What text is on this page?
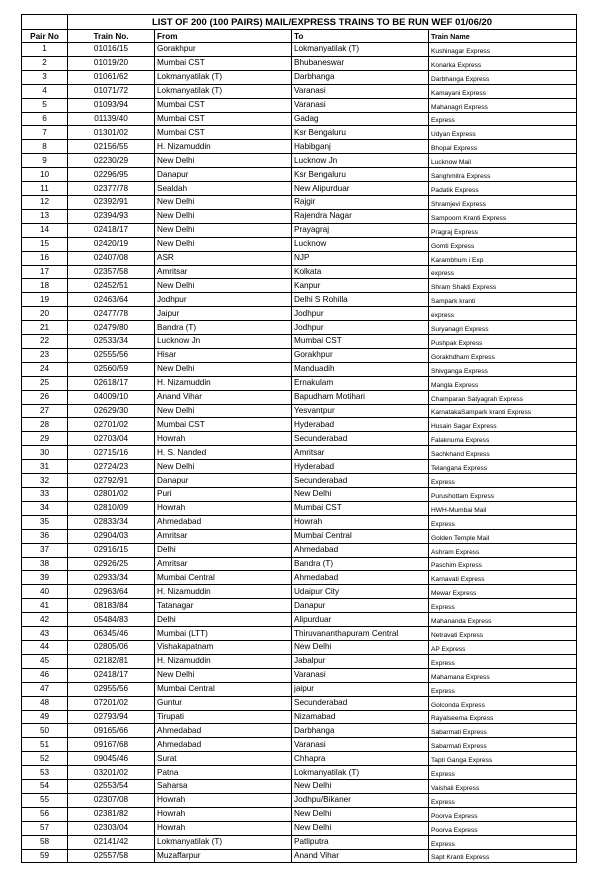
	LIST OF 200 (100 PAIRS) MAIL/EXPRESS TRAINS TO BE RUN WEF 01/06/20			
Pair No	Train No.	From	To	Train Name
1	01016/15	Gorakhpur	Lokmanyatilak (T)	Kushinagar Express
2	01019/20	Mumbai CST	Bhubaneswar	Konarka Express
3	01061/62	Lokmanyatilak (T)	Darbhanga	Darbhanga Express
4	01071/72	Lokmanyatilak (T)	Varanasi	Kamayani Express
5	01093/94	Mumbai CST	Varanasi	Mahanagri Express
6	01139/40	Mumbai CST	Gadag	Express
7	01301/02	Mumbai CST	Ksr Bengaluru	Udyan Express
8	02156/55	H. Nizamuddin	Habibganj	Bhopal Express
9	02230/29	New Delhi	Lucknow Jn	Lucknow Mail
10	02296/95	Danapur	Ksr Bengaluru	Sanghmitra Express
11	02377/78	Sealdah	New Alipurduar	Padatik Express
12	02392/91	New Delhi	Rajgir	Shramjevi Express
13	02394/93	New Delhi	Rajendra Nagar	Sampoorn Kranti Express
14	02418/17	New Delhi	Prayagraj	Pragraj Express
15	02420/19	New Delhi	Lucknow	Gomti Express
16	02407/08	ASR	NJP	Karambhum i Exp
17	02357/58	Amritsar	Kolkata	express
18	02452/51	New Delhi	Kanpur	Shram Shakti Express
19	02463/64	Jodhpur	Delhi S Rohilla	Sampark kranti
20	02477/78	Jaipur	Jodhpur	express
21	02479/80	Bandra (T)	Jodhpur	Suryanagri Express
22	02533/34	Lucknow Jn	Mumbai CST	Pushpak Express
23	02555/56	Hisar	Gorakhpur	Gorakhdham Express
24	02560/59	New Delhi	Manduadih	Shivganga Express
25	02618/17	H. Nizamuddin	Ernakulam	Mangla Express
26	04009/10	Anand Vihar	Bapudham Motihari	Champaran Satyagrah Express
27	02629/30	New Delhi	Yesvantpur	KarnatakaSampark kranti Express
28	02701/02	Mumbai CST	Hyderabad	Husain Sagar Express
29	02703/04	Howrah	Secunderabad	Falaknuma Express
30	02715/16	H. S. Nanded	Amritsar	Sachkhand Express
31	02724/23	New Delhi	Hyderabad	Telangana Express
32	02792/91	Danapur	Secunderabad	Express
33	02801/02	Puri	New Delhi	Purushottam Express
34	02810/09	Howrah	Mumbai CST	HWH-Mumbai Mail
35	02833/34	Ahmedabad	Howrah	Express
36	02904/03	Amritsar	Mumbai Central	Golden Temple Mail
37	02916/15	Delhi	Ahmedabad	Ashram Express
38	02926/25	Amritsar	Bandra (T)	Paschim Express
39	02933/34	Mumbai Central	Ahmedabad	Karnavati Express
40	02963/64	H. Nizamuddin	Udaipur City	Mewar Express
41	08183/84	Tatanagar	Danapur	Express
42	05484/83	Delhi	Alipurduar	Mahananda Express
43	06345/46	Mumbai (LTT)	Thiruvananthapuram Central	Netravati Express
44	02805/06	Vishakapatnam	New Delhi	AP Express
45	02182/81	H. Nizamuddin	Jabalpur	Express
46	02418/17	New Delhi	Varanasi	Mahamana Express
47	02955/56	Mumbai Central	jaipur	Express
48	07201/02	Guntur	Secunderabad	Golconda Express
49	02793/94	Tirupati	Nizamabad	Rayalseema Express
50	09165/66	Ahmedabad	Darbhanga	Sabarmati Express
51	09167/68	Ahmedabad	Varanasi	Sabarmati Express
52	09045/46	Surat	Chhapra	Tapti Ganga Express
53	03201/02	Patna	Lokmanyatilak (T)	Express
54	02553/54	Saharsa	New Delhi	Vaishali Express
55	02307/08	Howrah	Jodhpu/Bikaner	Express
56	02381/82	Howrah	New Delhi	Poorva Express
57	02303/04	Howrah	New Delhi	Poorva Express
58	02141/42	Lokmanyatilak (T)	Patliputra	Express
59	02557/58	Muzaffarpur	Anand Vihar	Sapt Kranti Express
